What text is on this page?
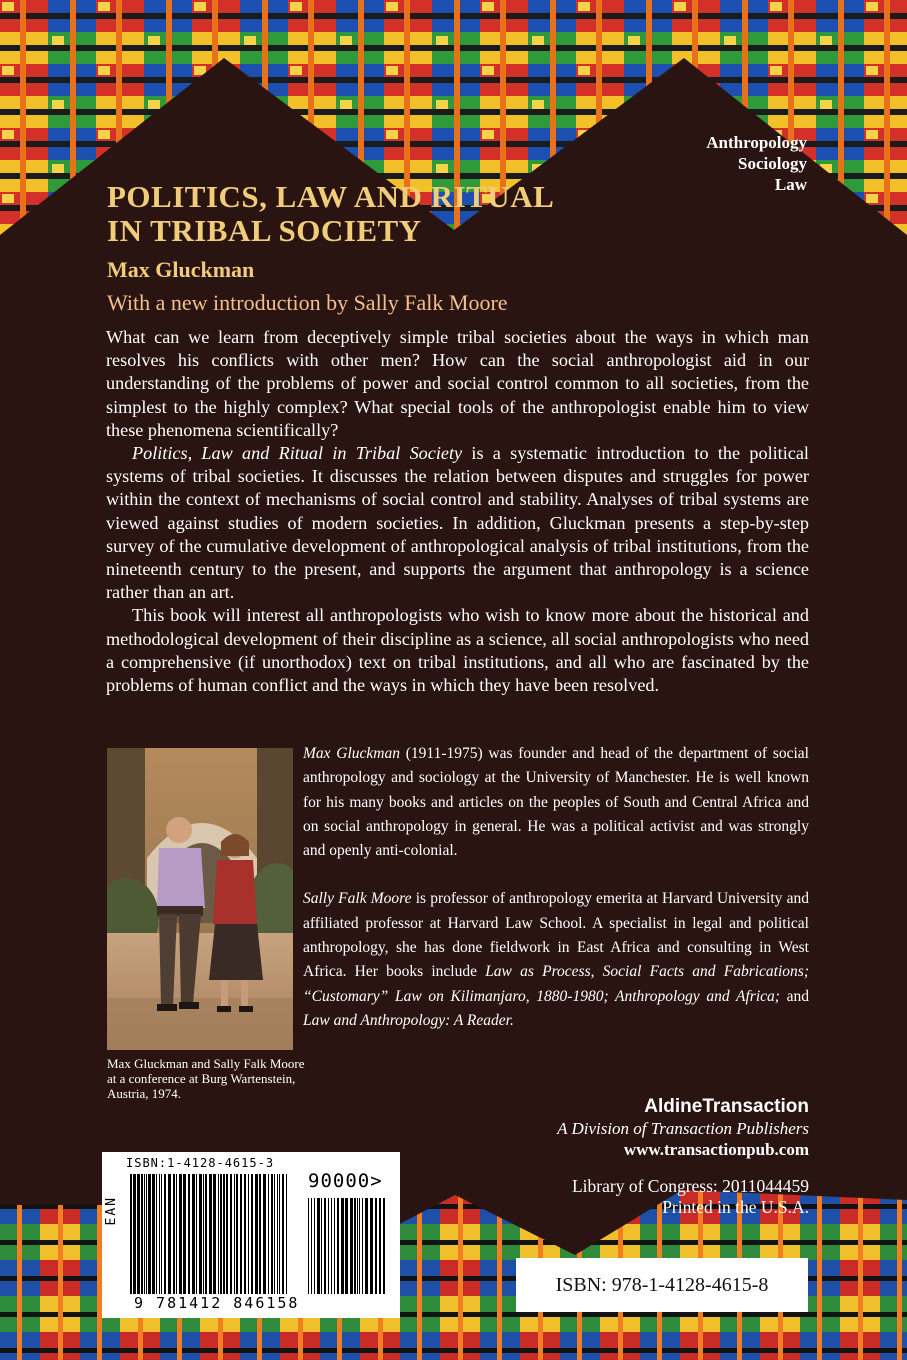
Anthropology
Sociology
Law
POLITICS, LAW AND RITUAL
IN TRIBAL SOCIETY
Max Gluckman
With a new introduction by Sally Falk Moore

What can we learn from deceptively simple tribal societies about the ways in which man resolves his conflicts with other men? How can the social anthropologist aid in our understanding of the problems of power and social control common to all societies, from the simplest to the highly complex? What special tools of the anthropologist enable him to view these phenomena scientifically?

Politics, Law and Ritual in Tribal Society is a systematic introduction to the political systems of tribal societies. It discusses the relation between disputes and struggles for power within the context of mechanisms of social control and stability. Analyses of tribal systems are viewed against studies of modern societies. In addition, Gluckman presents a step-by-step survey of the cumulative development of anthropological analysis of tribal institutions, from the nineteenth century to the present, and supports the argument that anthropology is a science rather than an art.

This book will interest all anthropologists who wish to know more about the historical and methodological development of their discipline as a science, all social anthropologists who need a comprehensive (if unorthodox) text on tribal institutions, and all who are fascinated by the problems of human conflict and the ways in which they have been resolved.

Max Gluckman and Sally Falk Moore at a conference at Burg Wartenstein, Austria, 1974.

Max Gluckman (1911-1975) was founder and head of the department of social anthropology and sociology at the University of Manchester. He is well known for his many books and articles on the peoples of South and Central Africa and on social anthropology in general. He was a political activist and was strongly and openly anti-colonial.

Sally Falk Moore is professor of anthropology emerita at Harvard University and affiliated professor at Harvard Law School. A specialist in legal and political anthropology, she has done fieldwork in East Africa and consulting in West Africa. Her books include Law as Process, Social Facts and Fabrications; “Customary” Law on Kilimanjaro, 1880-1980; Anthropology and Africa; and Law and Anthropology: A Reader.

AldineTransaction
A Division of Transaction Publishers
www.transactionpub.com
Library of Congress: 2011044459
Printed in the U.S.A.
ISBN: 978-1-4128-4615-8
ISBN:1-4128-4615-3
EAN
90000>
9 781412 846158
